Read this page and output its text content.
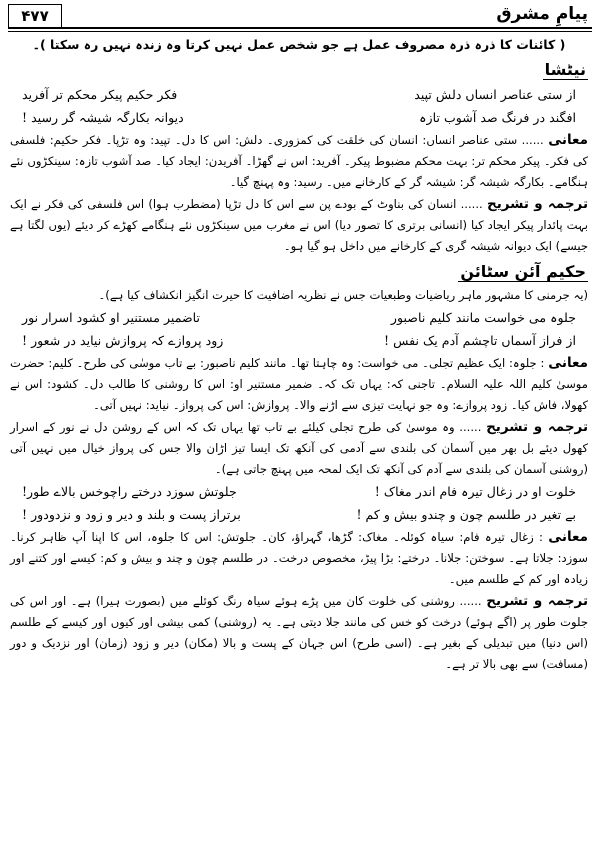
پیامِ مشرق
۴۷۷

( کائنات کا ذرہ ذرہ مصروف عمل ہے جو شخص عمل نہیں کرتا وہ زندہ نہیں رہ سکتا )۔

نیٹشا
از ستی عناصر انساں دلش تپید
فکر حکیم پیکر محکم تر آفرید
افگند در فرنگ صد آشوب تازہ
دیوانہ بکارگہ شیشہ گر رسید !

معانی ...... ستی عناصر انساں: انسان کی خلقت کی کمزوری۔ دلش: اس کا دل۔ تپید: وہ تڑپا۔ فکر حکیم: فلسفی کی فکر۔ پیکر محکم تر: بہت محکم مضبوط پیکر۔ آفرید: اس نے گھڑا۔ آفریدن: ایجاد کیا۔ صد آشوب تازہ: سینکڑوں نئے ہنگامے۔ بکارگہ شیشہ گر: شیشہ گر کے کارخانے میں۔ رسید: وہ پہنچ گیا۔

ترجمہ و تشریح ...... انسان کی بناوٹ کے بودے پن سے اس کا دل تڑپا (مضطرب ہوا) اس فلسفی کی فکر نے ایک بہت پائدار پیکر ایجاد کیا (انسانی برتری کا تصور دیا) اس نے مغرب میں سینکڑوں نئے ہنگامے کھڑے کر دیئے (یوں لگتا ہے جیسے) ایک دیوانہ شیشہ گری کے کارخانے میں داخل ہو گیا ہو۔

حکیم آئن سٹائن

(یہ جرمنی کا مشہور ماہر ریاضیات وطبعیات جس نے نظریہ اضافیت کا حیرت انگیز انکشاف کیا ہے)۔

جلوہ می خواست مانند کلیم ناصبور
تاضمیر مستنیر او کشود اسرار نور
از فراز آسماں تاچشم آدم یک نفس !
زود پروازے کہ پروازش نیاید در شعور !

معانی : جلوہ: ایک عظیم تجلی۔ می خواست: وہ چاہتا تھا۔ مانند کلیم ناصبور: بے تاب موسٰی کی طرح۔ کلیم: حضرت موسیٰ کلیم اللہ علیہ السلام۔ تاجنی کہ: یہاں تک کہ۔ ضمیر مستنیر او: اس کا روشنی کا طالب دل۔ کشود: اس نے کھولا، فاش کیا۔ زود پروازے: وہ جو نہایت تیزی سے اڑنے والا۔ پروازش: اس کی پرواز۔ نیاید: نہیں آتی۔

ترجمہ و تشریح ...... وہ موسیٰ کی طرح تجلی کیلئے بے تاب تھا یہاں تک کہ اس کے روشن دل نے نور کے اسرار کھول دیئے بل بھر میں آسمان کی بلندی سے آدمی کی آنکھ تک ایسا تیز اڑان والا جس کی پرواز خیال میں نہیں آتی (روشنی آسمان کی بلندی سے آدم کی آنکھ تک ایک لمحہ میں پہنچ جاتی ہے)۔

خلوت او در زغال تیرہ فام اندر مغاک !
جلوتش سوزد درختے راچوخس بالاے طور!
بے تغیر در طلسم چون و چندو بیش و کم !
برتراز پست و بلند و دیر و زود و نزدودور !

معانی : زغال تیرہ فام: سیاہ کوئلہ۔ مغاک: گڑھا، گہراؤ، کان۔ جلوتش: اس کا جلوہ، اس کا اپنا آپ ظاہر کرنا۔ سوزد: جلاتا ہے۔ سوختن: جلانا۔ درختے: بڑا پیڑ، مخصوص درخت۔ در طلسم چون و چند و بیش و کم: کیسے اور کتنے اور زیادہ اور کم کے طلسم میں۔

ترجمہ و تشریح ...... روشنی کی خلوت کان میں پڑے ہوئے سیاہ رنگ کوئلے میں (بصورت ہیرا) ہے۔ اور اس کی جلوت طور پر (اگے ہوئے) درخت کو خس کی مانند جلا دیتی ہے۔ یہ (روشنی) کمی بیشی اور کیوں اور کیسے کے طلسم (اس دنیا) میں تبدیلی کے بغیر ہے۔ (اسی طرح) اس جہان کے پست و بالا (مکان) دیر و زود (زمان) اور نزدیک و دور (مسافت) سے بھی بالا تر ہے۔
